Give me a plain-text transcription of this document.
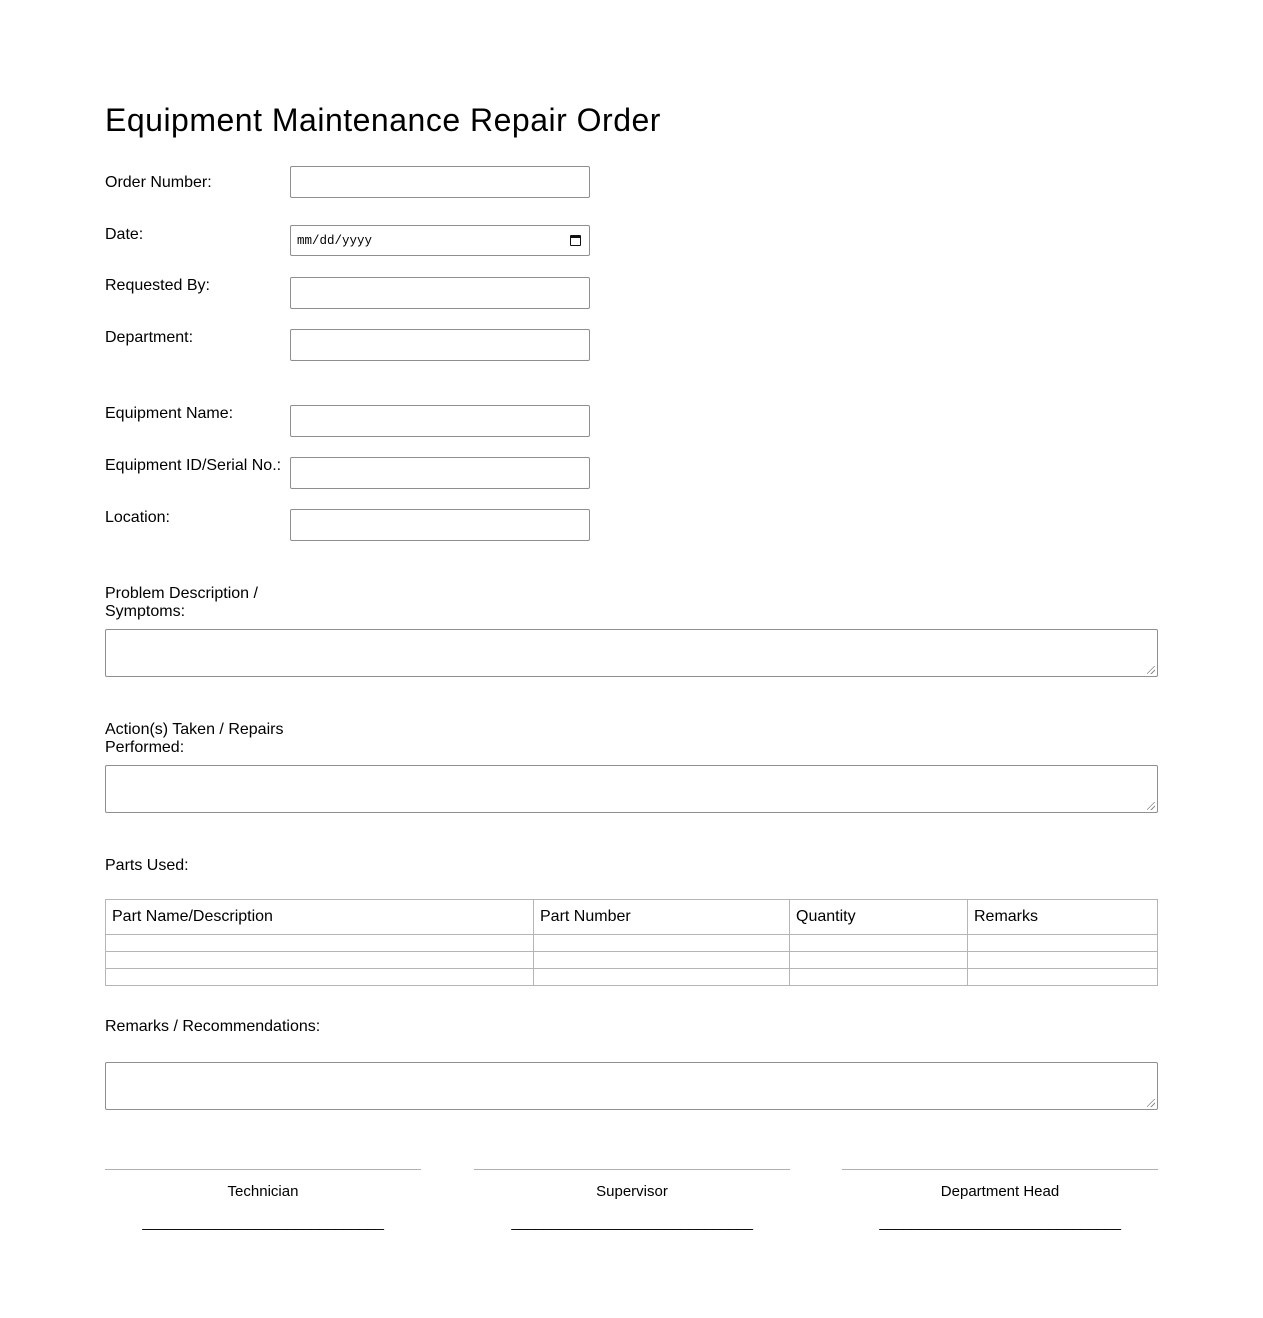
Equipment Maintenance Repair Order
Order Number:
Date:	mm/dd/yyyy
Requested By:
Department:
Equipment Name:
Equipment ID/Serial No.:
Location:
Problem Description / Symptoms:
Action(s) Taken / Repairs Performed:
Parts Used:
Part Name/Description	Part Number	Quantity	Remarks

Remarks / Recommendations:
Technician
______________________________
Supervisor
______________________________
Department Head
______________________________
